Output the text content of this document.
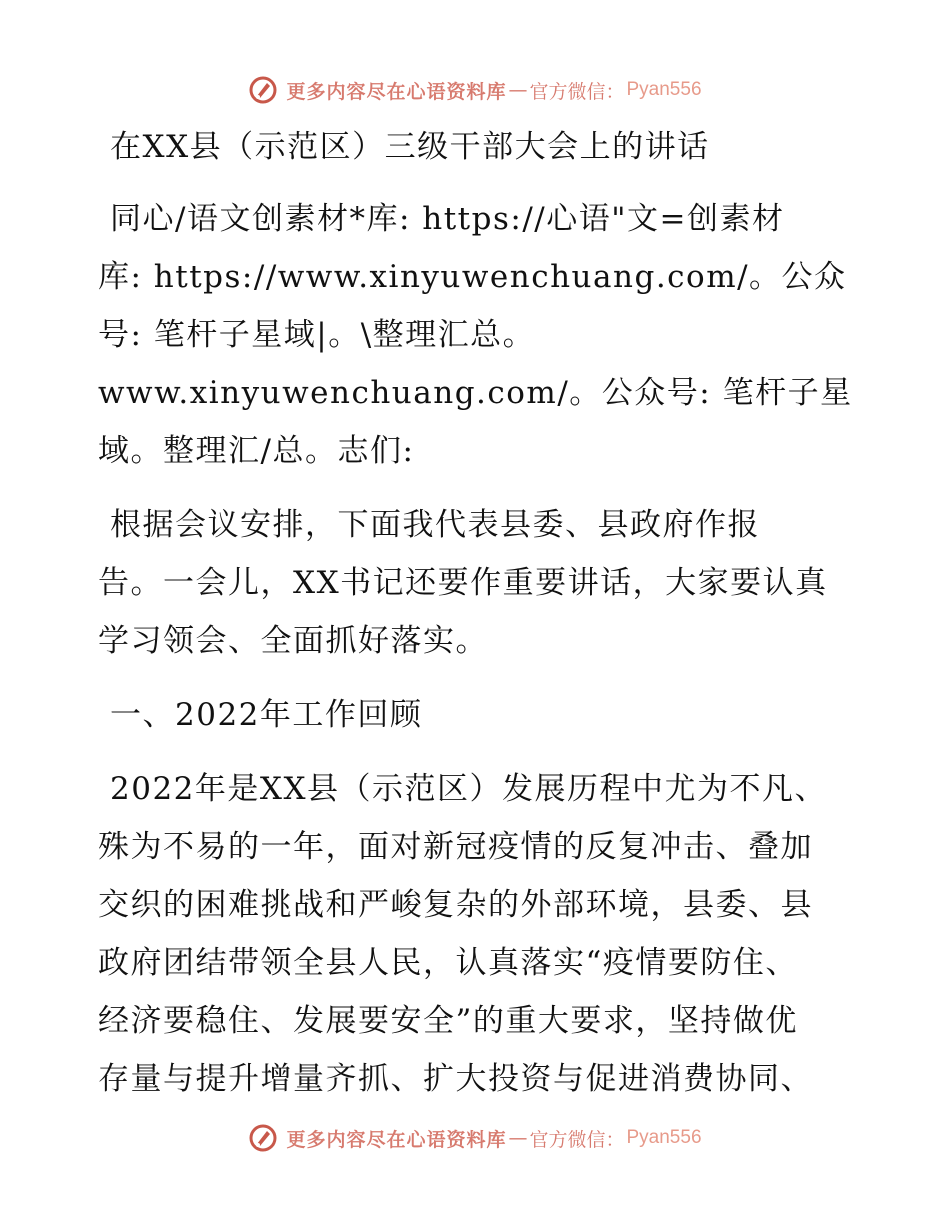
更多内容尽在心语资料库 — 官方微信： Pyan556

在XX县（示范区）三级干部大会上的讲话

同心/语文创素材*库: https://心语"文=创素材

库: https://www.xinyuwenchuang.com/。公众

号: 笔杆子星域|。\整理汇总。

www.xinyuwenchuang.com/。公众号: 笔杆子星

域。整理汇/总。志们:

根据会议安排，下面我代表县委、县政府作报

告。一会儿，XX书记还要作重要讲话，大家要认真

学习领会、全面抓好落实。

一、2022年工作回顾

2022年是XX县（示范区）发展历程中尤为不凡、

殊为不易的一年，面对新冠疫情的反复冲击、叠加

交织的困难挑战和严峻复杂的外部环境，县委、县

政府团结带领全县人民，认真落实“疫情要防住、

经济要稳住、发展要安全”的重大要求，坚持做优

存量与提升增量齐抓、扩大投资与促进消费协同、

更多内容尽在心语资料库 — 官方微信： Pyan556
